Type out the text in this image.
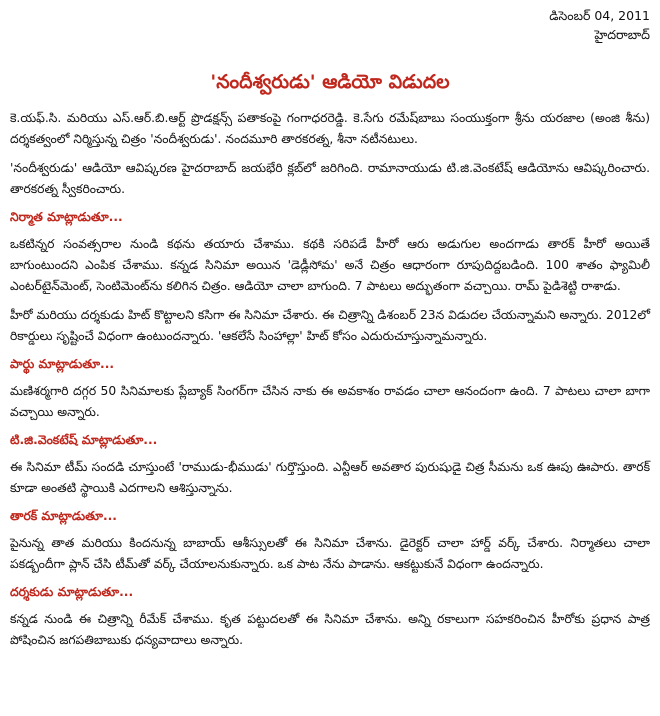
డిసెంబర్ 04, 2011
హైదరాబాద్
'నందీశ్వరుడు' ఆడియో విడుదల

కె.యఫ్.సి. మరియు ఎస్.ఆర్.బి.ఆర్ట్ ప్రొడక్షన్స్ పతాకంపై గంగాధరరెడ్డి. కె.సేగు రమేష్‌బాబు సంయుక్తంగా శ్రీను యరజాల (అంజి శీను) దర్శకత్వంలో నిర్మిస్తున్న చిత్రం 'నందీశ్వరుడు'. నందమూరి తారకరత్న, శీనా నటీనటులు.

'నందీశ్వరుడు' ఆడియో ఆవిష్కరణ హైదరాబాద్ జయభేరి క్లబ్‌లో జరిగింది. రామానాయుడు టి.జి.వెంకటేష్ ఆడియోను ఆవిష్కరించారు. తారకరత్న స్వీకరించారు.

నిర్మాత మాట్లాడుతూ...

ఒకటిన్నర సంవత్సరాల నుండి కథను తయారు చేశాము. కథకి సరిపడే హీరో ఆరు అడుగుల అందగాడు తారక్ హీరో అయితే బాగుంటుందని ఎంపిక చేశాము. కన్నడ సినిమా అయిన 'డెడ్లీసోమ' అనే చిత్రం ఆధారంగా రూపుదిద్దబడింది. 100 శాతం ఫ్యామిలీ ఎంటర్‌టైన్‌మెంట్, సెంటిమెంట్‌ను కలిగిన చిత్రం. ఆడియో చాలా బాగుంది. 7 పాటలు అద్భుతంగా వచ్చాయి. రామ్ పైడిశెట్టి రాశాడు.

హీరో మరియు దర్శకుడు హిట్ కొట్టాలని కసిగా ఈ సినిమా చేశారు. ఈ చిత్రాన్ని డిశంబర్ 23న విడుదల చేయన్నామని అన్నారు. 2012లో రికార్డులు సృష్టించే విధంగా ఉంటుందన్నారు. 'ఆకలేసే సింహాల్లా' హిట్ కోసం ఎదురుచూస్తున్నామన్నారు.

పార్థు మాట్లాడుతూ...

మణిశర్మగారి దగ్గర 50 సినిమాలకు ప్లేబ్యాక్ సింగర్‌గా చేసిన నాకు ఈ అవకాశం రావడం చాలా ఆనందంగా ఉంది. 7 పాటలు చాలా బాగా వచ్చాయి అన్నారు.

టి.జి.వెంకటేష్ మాట్లాడుతూ...

ఈ సినిమా టీమ్ సందడి చూస్తుంటే 'రాముడు-భీముడు' గుర్తొస్తుంది. ఎన్టీఆర్ అవతార పురుషుడై చిత్ర సీమను ఒక ఊపు ఊపారు. తారక్ కూడా అంతటి స్థాయికి ఎదగాలని ఆశిస్తున్నాను.

తారక్ మాట్లాడుతూ...

పైనున్న తాత మరియు కిందనున్న బాబాయ్ ఆశీస్సులతో ఈ సినిమా చేశాను. డైరెక్టర్ చాలా హార్డ్ వర్క్ చేశారు. నిర్మాతలు చాలా పకడ్బందీగా ప్లాన్ చేసి టీమ్‌తో వర్క్ చేయాలనుకున్నారు. ఒక పాట నేను పాడాను. ఆకట్టుకునే విధంగా ఉందన్నారు.

దర్శకుడు మాట్లాడుతూ...

కన్నడ నుండి ఈ చిత్రాన్ని రీమేక్ చేశాము. కృత పట్టుదలతో ఈ సినిమా చేశాను. అన్ని రకాలుగా సహకరించిన హీరోకు ప్రధాన పాత్ర పోషించిన జగపతిబాబుకు ధన్యవాదాలు అన్నారు.
